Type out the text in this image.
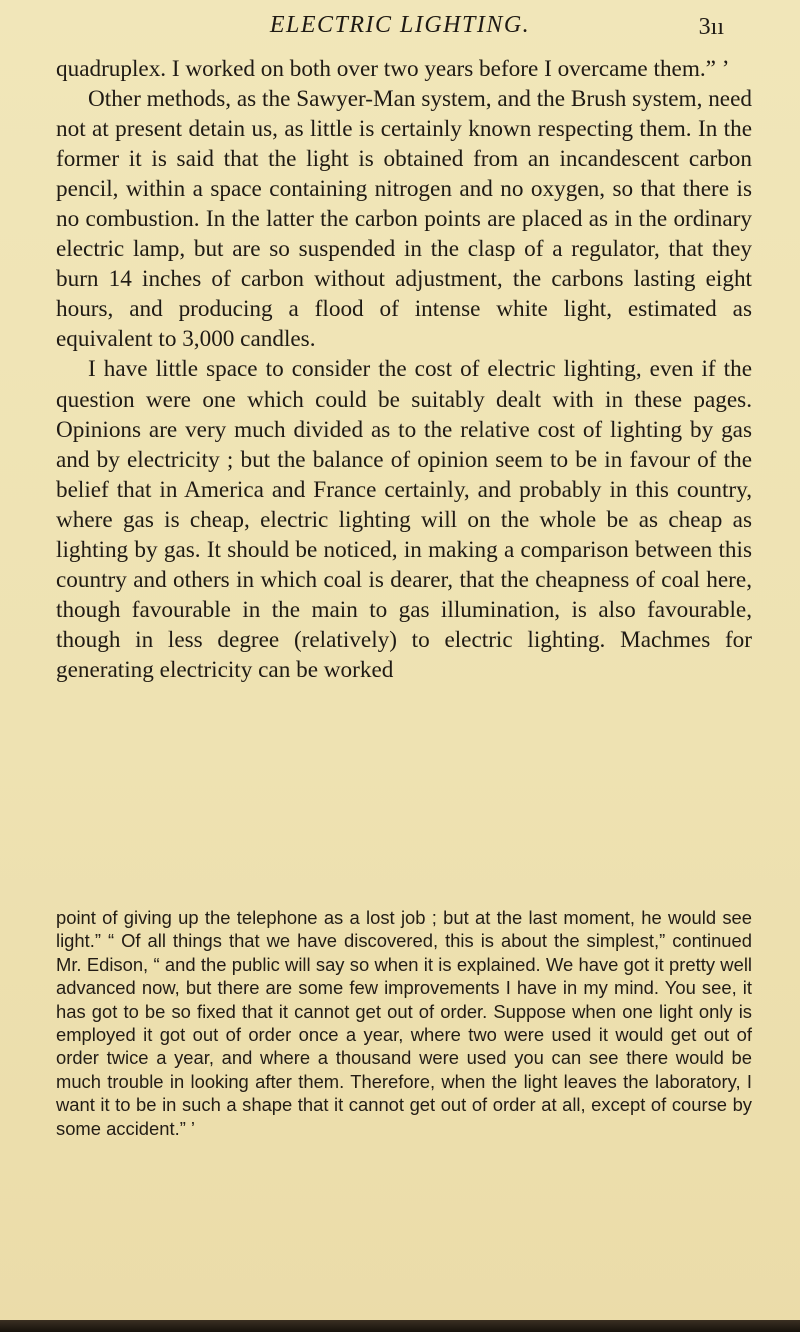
ELECTRIC LIGHTING.	3ıı

quadruplex. I worked on both over two years before I overcame them.” ’

Other methods, as the Sawyer-Man system, and the Brush system, need not at present detain us, as little is certainly known respecting them. In the former it is said that the light is obtained from an incandescent carbon pencil, within a space containing nitrogen and no oxygen, so that there is no combustion. In the latter the carbon points are placed as in the ordinary electric lamp, but are so suspended in the clasp of a regulator, that they burn 14 inches of carbon without adjustment, the carbons lasting eight hours, and producing a flood of intense white light, estimated as equivalent to 3,000 candles.

I have little space to consider the cost of electric lighting, even if the question were one which could be suitably dealt with in these pages. Opinions are very much divided as to the relative cost of lighting by gas and by electricity ; but the balance of opinion seem to be in favour of the belief that in America and France certainly, and probably in this country, where gas is cheap, electric lighting will on the whole be as cheap as lighting by gas. It should be noticed, in making a comparison between this country and others in which coal is dearer, that the cheapness of coal here, though favourable in the main to gas illumination, is also favourable, though in less degree (relatively) to electric lighting. Machmes for generating electricity can be worked

point of giving up the telephone as a lost job ; but at the last moment, he would see light.” “ Of all things that we have discovered, this is about the simplest,” continued Mr. Edison, “ and the public will say so when it is explained. We have got it pretty well advanced now, but there are some few improvements I have in my mind. You see, it has got to be so fixed that it cannot get out of order. Suppose when one light only is employed it got out of order once a year, where two were used it would get out of order twice a year, and where a thousand were used you can see there would be much trouble in looking after them. Therefore, when the light leaves the laboratory, I want it to be in such a shape that it cannot get out of order at all, except of course by some accident.” ’
